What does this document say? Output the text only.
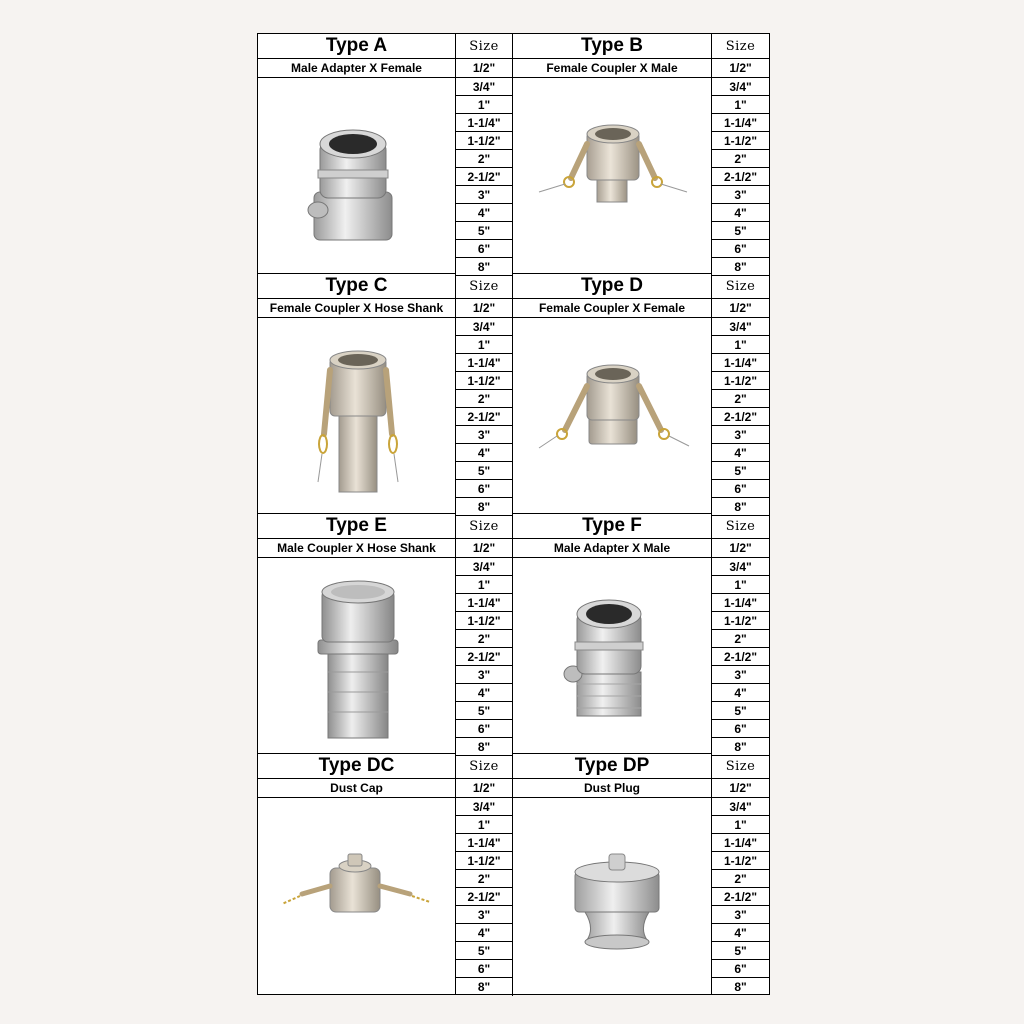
Type A	Size
Male Adapter X Female	1/2"
3/4"
1"
1-1/4"
1-1/2"
2"
2-1/2"
3"
4"
5"
6"
8"
Type B	Size
Female Coupler X Male	1/2"
3/4"
1"
1-1/4"
1-1/2"
2"
2-1/2"
3"
4"
5"
6"
8"
Type C	Size
Female Coupler X Hose Shank	1/2"
3/4"
1"
1-1/4"
1-1/2"
2"
2-1/2"
3"
4"
5"
6"
8"
Type D	Size
Female Coupler X Female	1/2"
3/4"
1"
1-1/4"
1-1/2"
2"
2-1/2"
3"
4"
5"
6"
8"
Type E	Size
Male Coupler X Hose Shank	1/2"
3/4"
1"
1-1/4"
1-1/2"
2"
2-1/2"
3"
4"
5"
6"
8"
Type F	Size
Male Adapter X Male	1/2"
3/4"
1"
1-1/4"
1-1/2"
2"
2-1/2"
3"
4"
5"
6"
8"
Type DC	Size
Dust Cap	1/2"
3/4"
1"
1-1/4"
1-1/2"
2"
2-1/2"
3"
4"
5"
6"
8"
Type DP	Size
Dust Plug	1/2"
3/4"
1"
1-1/4"
1-1/2"
2"
2-1/2"
3"
4"
5"
6"
8"
